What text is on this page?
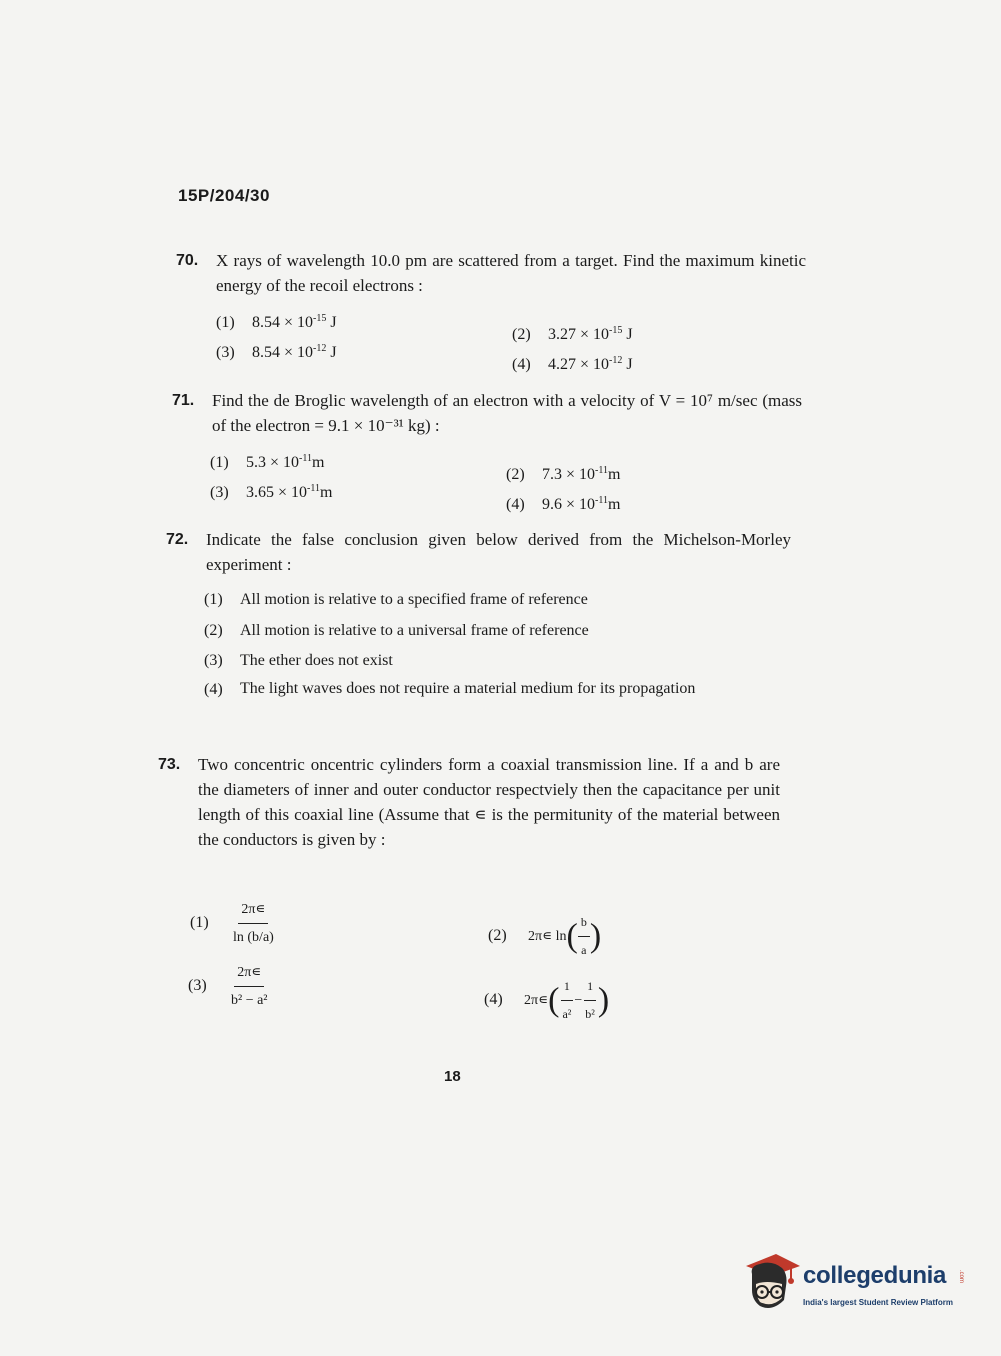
15P/204/30
70. X rays of wavelength 10.0 pm are scattered from a target. Find the maximum kinetic energy of the recoil electrons :
(1) $8.54 \times 10^{-15}$ J
(2) $3.27 \times 10^{-15}$ J
(3) $8.54 \times 10^{-12}$ J
(4) $4.27 \times 10^{-12}$ J
71. Find the de Broglic wavelength of an electron with a velocity of V = 10⁷ m/sec (mass of the electron = 9.1 × 10⁻³¹ kg) :
(1) $5.3 \times 10^{-11}m$
(2) $7.3 \times 10^{-11}m$
(3) $3.65 \times 10^{-11}m$
(4) $9.6 \times 10^{-11}m$
72. Indicate the false conclusion given below derived from the Michelson-Morley experiment :
(1) All motion is relative to a specified frame of reference
(2) All motion is relative to a universal frame of reference
(3) The ether does not exist
(4)	The light waves does not require a material medium for its propagation
73. Two concentric oncentric cylinders form a coaxial transmission line. If a and b are the diameters of inner and outer conductor respectviely then the capacitance per unit length of this coaxial line (Assume that ∊ is the permitunity of the material between the conductors is given by :
$(1) \frac{2\pi∊}{\ln (b/a)}$	(2) 2π∊ $\ln( \frac{b}{a}$ )
$(3) \frac{2\pi∊}{\text{b² − a²}}$	(4) 2π∊( $\frac{1}{\text{a²}} - \frac{1}{\text{b²}}$ )
18
collegedunia .com
India's largest Student Review Platform
